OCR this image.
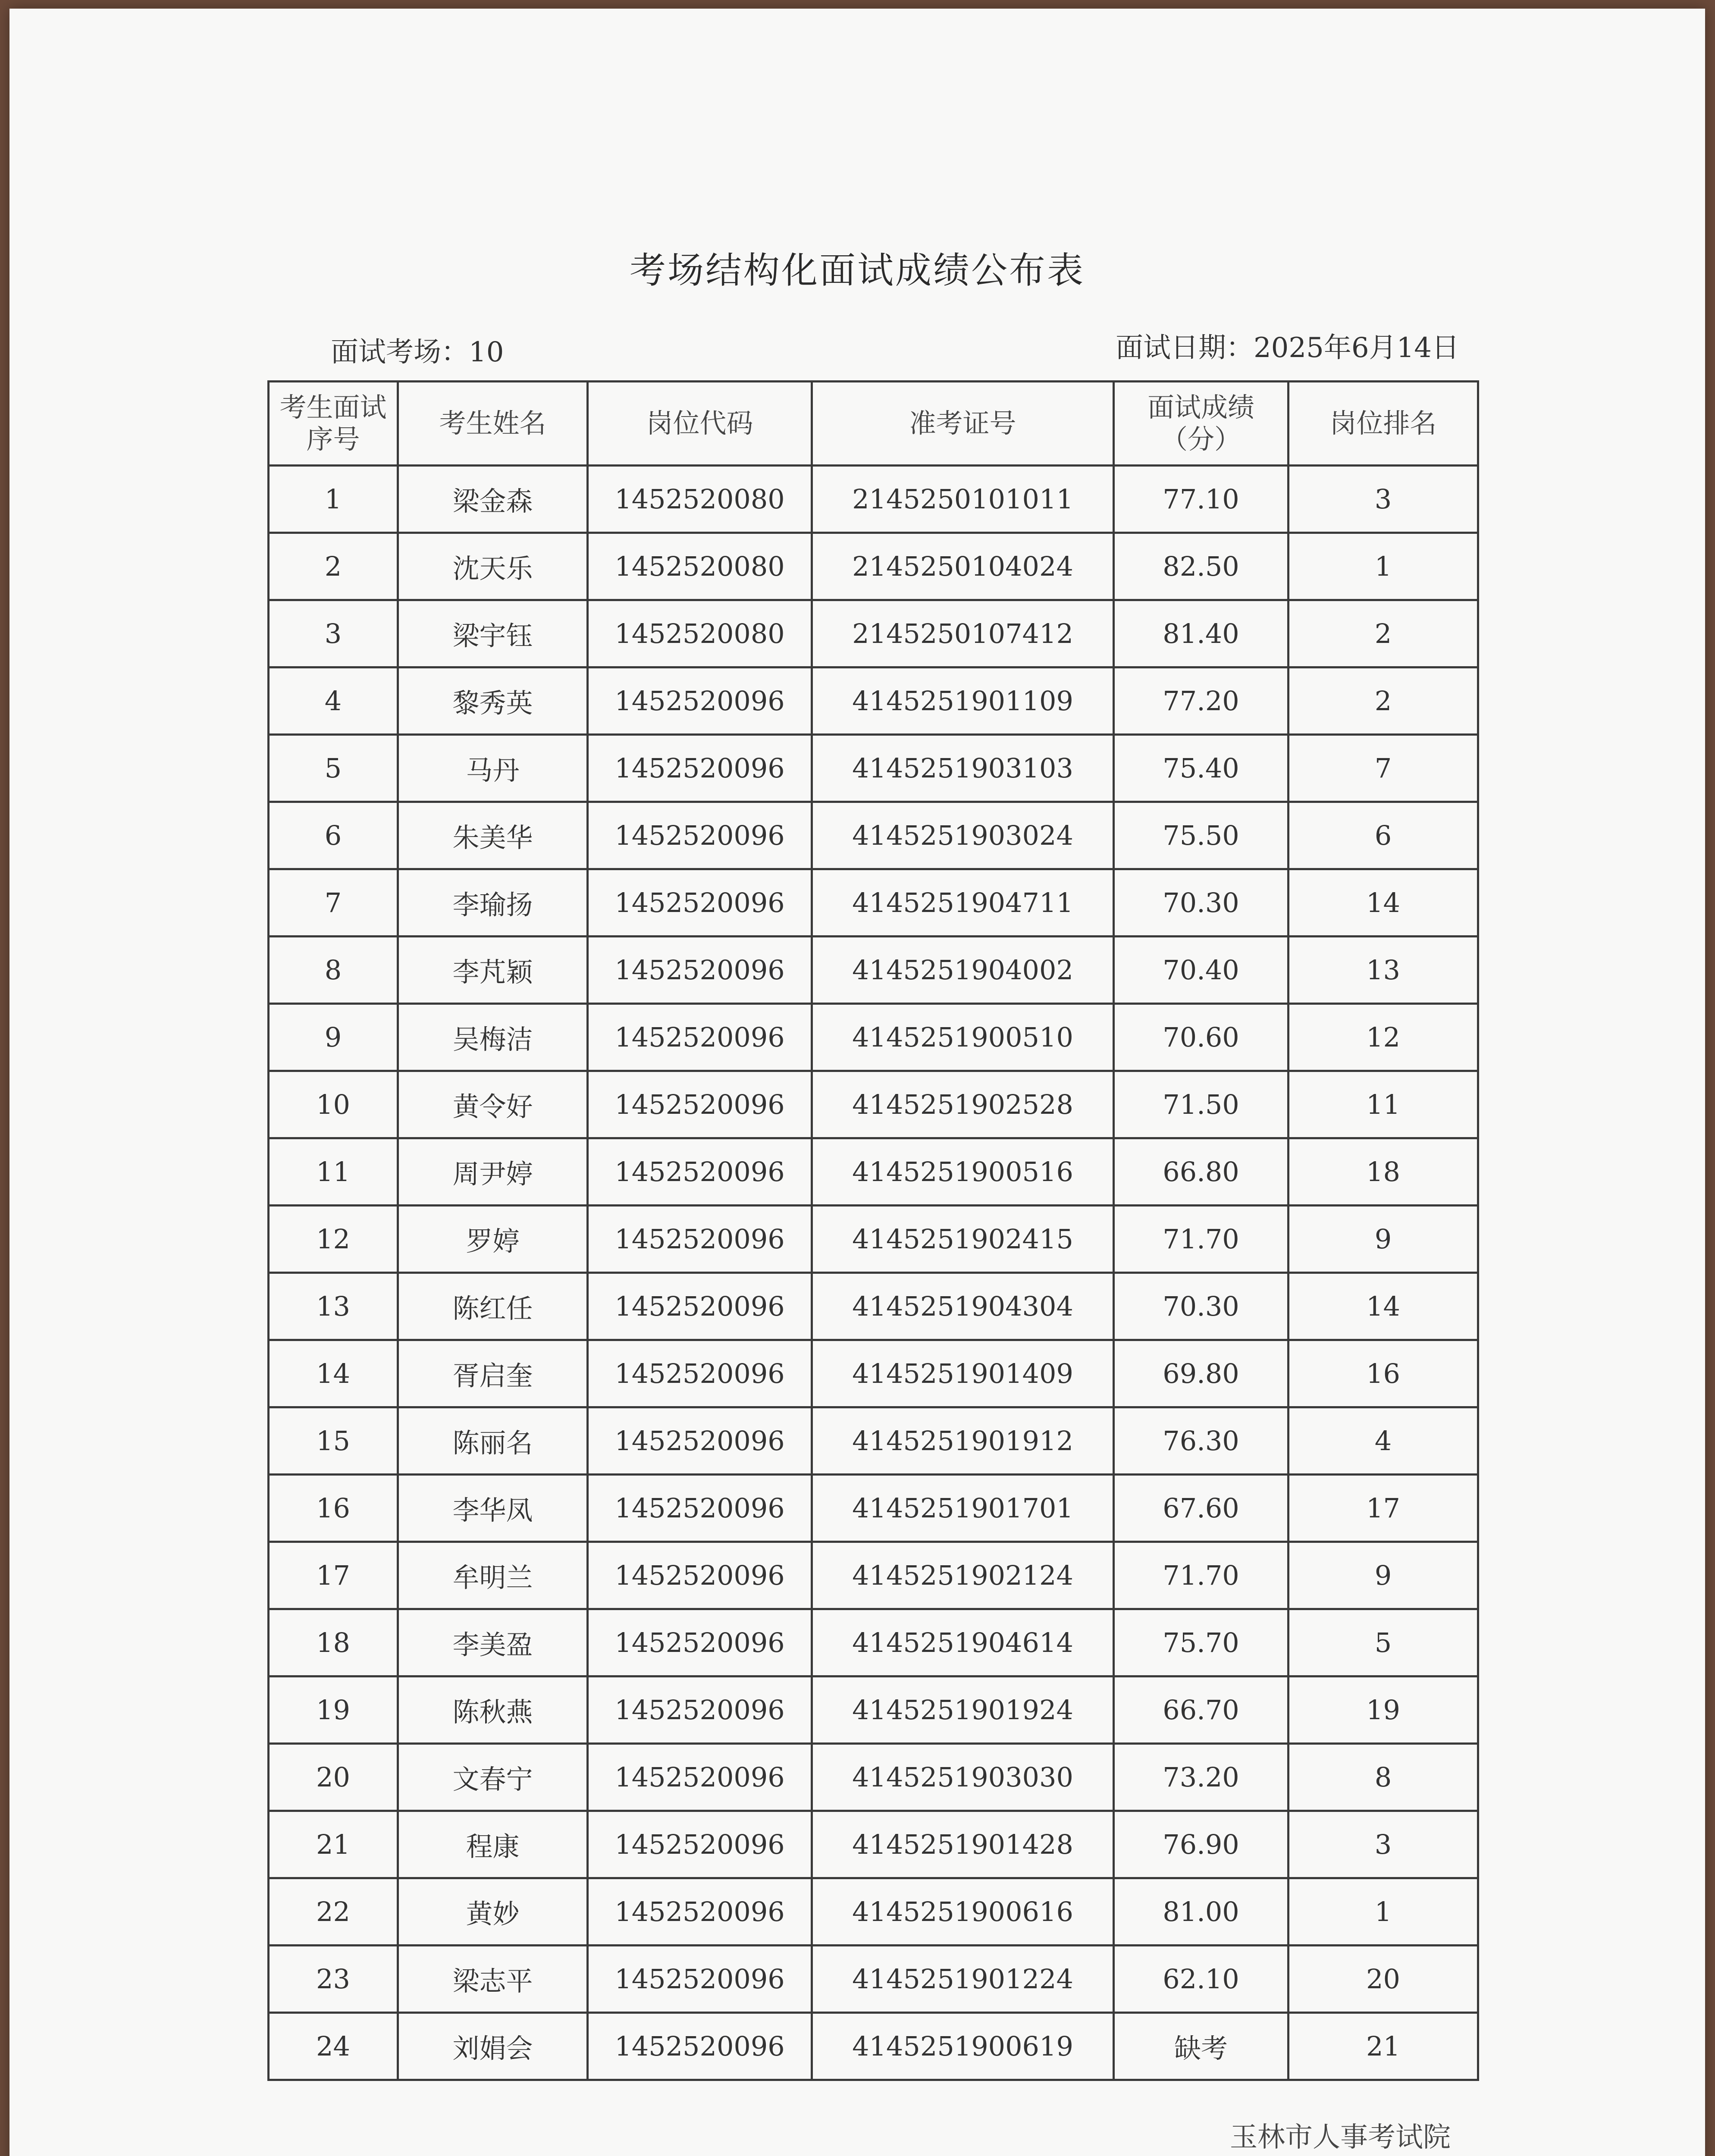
考场结构化面试成绩公布表
面试考场：10	面试日期：2025年6月14日
考生面试序号	考生姓名	岗位代码	准考证号	面试成绩（分）	岗位排名
1	梁金森	1452520080	2145250101011	77.10	3
2	沈天乐	1452520080	2145250104024	82.50	1
3	梁宇钰	1452520080	2145250107412	81.40	2
4	黎秀英	1452520096	4145251901109	77.20	2
5	马丹	1452520096	4145251903103	75.40	7
6	朱美华	1452520096	4145251903024	75.50	6
7	李瑜扬	1452520096	4145251904711	70.30	14
8	李芃颖	1452520096	4145251904002	70.40	13
9	吴梅洁	1452520096	4145251900510	70.60	12
10	黄令好	1452520096	4145251902528	71.50	11
11	周尹婷	1452520096	4145251900516	66.80	18
12	罗婷	1452520096	4145251902415	71.70	9
13	陈红任	1452520096	4145251904304	70.30	14
14	胥启奎	1452520096	4145251901409	69.80	16
15	陈丽名	1452520096	4145251901912	76.30	4
16	李华凤	1452520096	4145251901701	67.60	17
17	牟明兰	1452520096	4145251902124	71.70	9
18	李美盈	1452520096	4145251904614	75.70	5
19	陈秋燕	1452520096	4145251901924	66.70	19
20	文春宁	1452520096	4145251903030	73.20	8
21	程康	1452520096	4145251901428	76.90	3
22	黄妙	1452520096	4145251900616	81.00	1
23	梁志平	1452520096	4145251901224	62.10	20
24	刘娟会	1452520096	4145251900619	缺考	21
玉林市人事考试院
